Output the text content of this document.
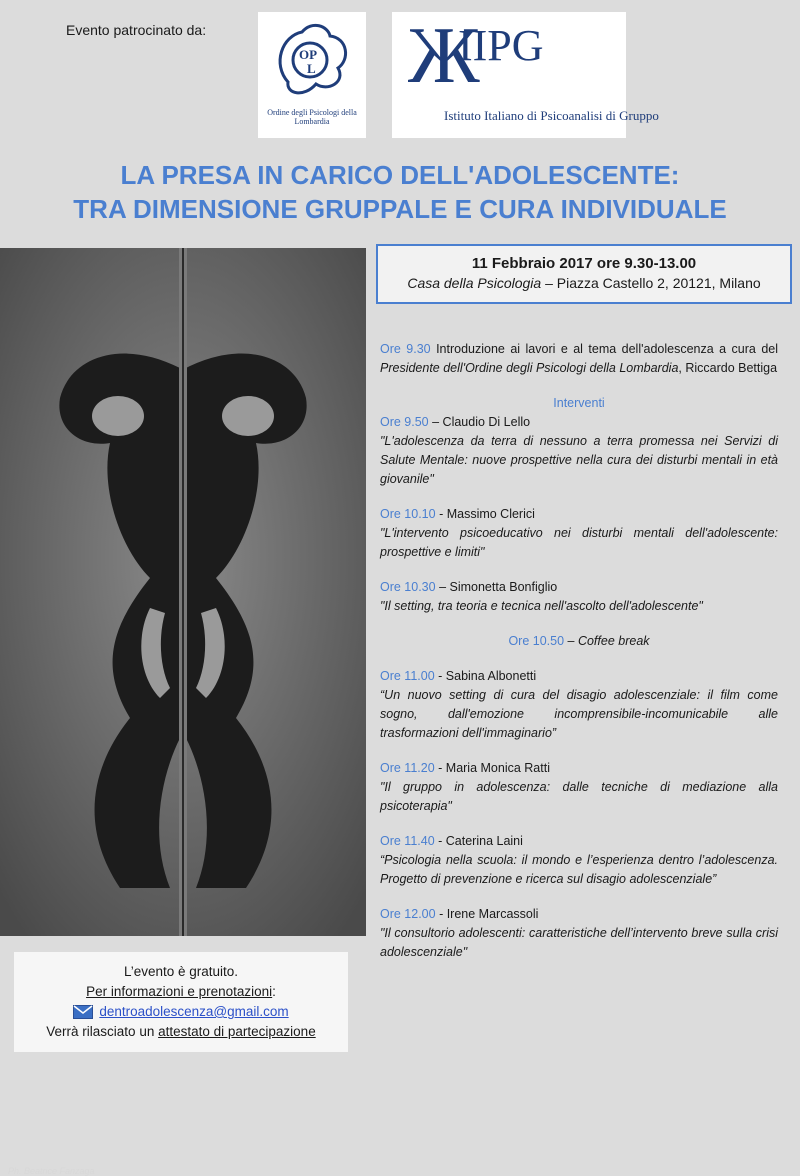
Evento patrocinato da:
OP
L
Ordine degli Psicologi della Lombardia
Ж
IIPG
Istituto Italiano di Psicoanalisi di Gruppo
LA PRESA IN CARICO DELL'ADOLESCENTE:
TRA DIMENSIONE GRUPPALE E CURA INDIVIDUALE
Ph. Beatrice Fanzaga
11 Febbraio 2017 ore 9.30-13.00
Casa della Psicologia – Piazza Castello 2, 20121, Milano
Ore 9.30 Introduzione ai lavori e al tema dell'adolescenza a cura del Presidente dell'Ordine degli Psicologi della Lombardia, Riccardo Bettiga
Interventi
Ore 9.50 – Claudio Di Lello
"L'adolescenza da terra di nessuno a terra promessa nei Servizi di Salute Mentale: nuove prospettive nella cura dei disturbi mentali in età giovanile"
Ore 10.10 - Massimo Clerici
"L'intervento psicoeducativo nei disturbi mentali dell'adolescente: prospettive e limiti"
Ore 10.30 – Simonetta Bonfiglio
"Il setting, tra teoria e tecnica nell'ascolto dell'adolescente"
Ore 10.50 – Coffee break
Ore 11.00 - Sabina Albonetti
“Un nuovo setting di cura del disagio adolescenziale: il film come sogno, dall'emozione incomprensibile-incomunicabile alle trasformazioni dell'immaginario”
Ore 11.20 - Maria Monica Ratti
"Il gruppo in adolescenza: dalle tecniche di mediazione alla psicoterapia"
Ore 11.40 - Caterina Laini
“Psicologia nella scuola: il mondo e l’esperienza dentro l’adolescenza. Progetto di prevenzione e ricerca sul disagio adolescenziale”
Ore 12.00 - Irene Marcassoli
"Il consultorio adolescenti: caratteristiche dell’intervento breve sulla crisi adolescenziale"
L’evento è gratuito.
Per informazioni e prenotazioni:
dentroadolescenza@gmail.com
Verrà rilasciato un attestato di partecipazione
